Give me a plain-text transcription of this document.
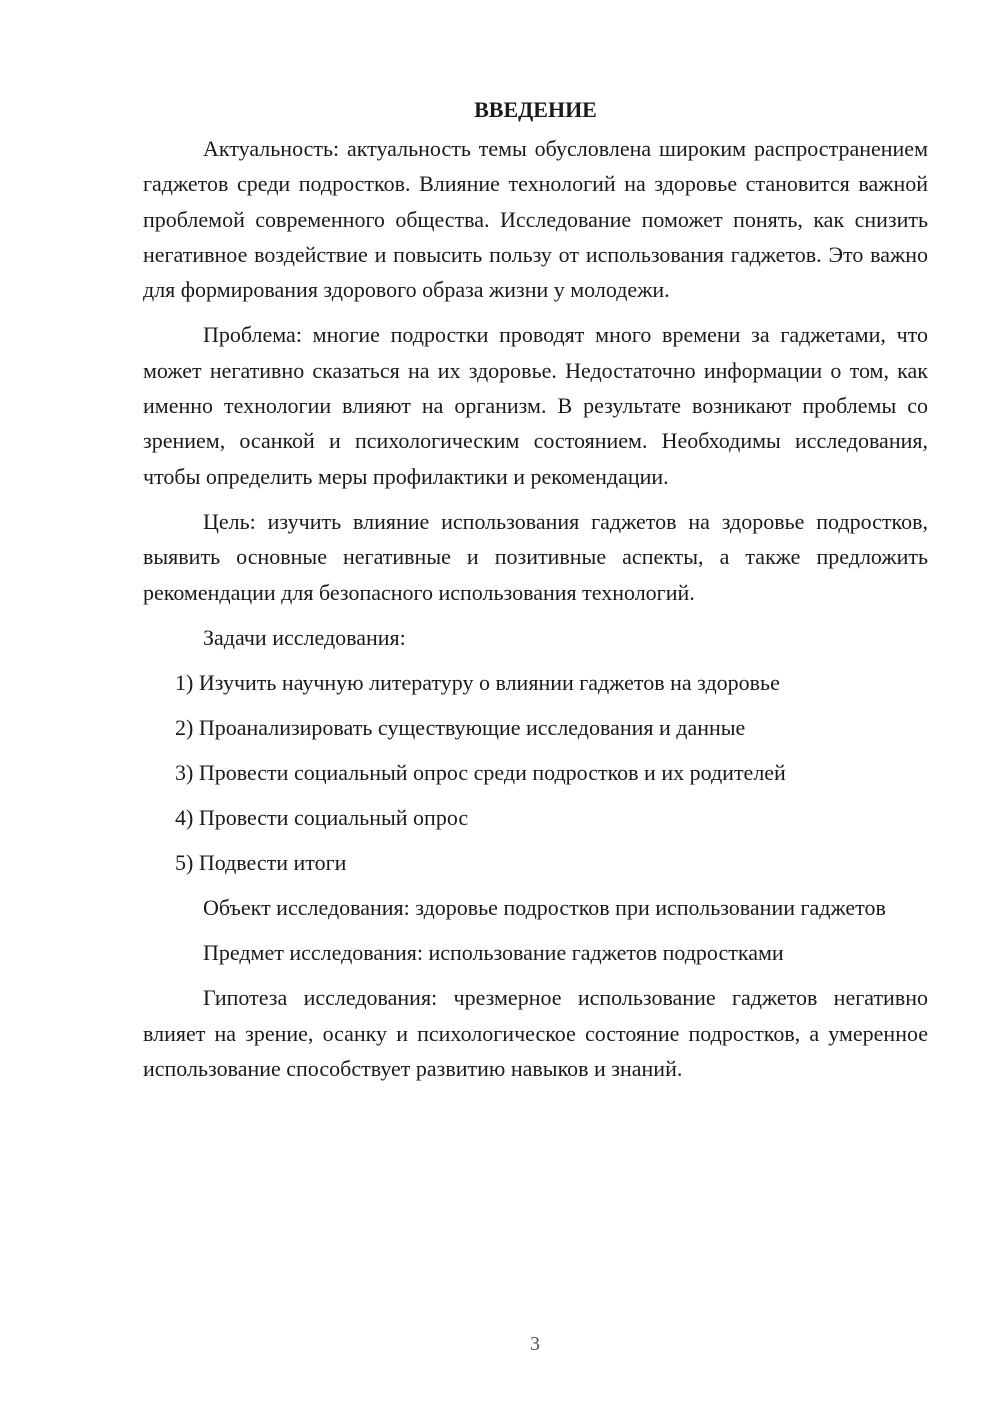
ВВЕДЕНИЕ

Актуальность: актуальность темы обусловлена широким распространением гаджетов среди подростков. Влияние технологий на здоровье становится важной проблемой современного общества. Исследование поможет понять, как снизить негативное воздействие и повысить пользу от использования гаджетов. Это важно для формирования здорового образа жизни у молодежи.

Проблема: многие подростки проводят много времени за гаджетами, что может негативно сказаться на их здоровье. Недостаточно информации о том, как именно технологии влияют на организм. В результате возникают проблемы со зрением, осанкой и психологическим состоянием. Необходимы исследования, чтобы определить меры профилактики и рекомендации.

Цель: изучить влияние использования гаджетов на здоровье подростков, выявить основные негативные и позитивные аспекты, а также предложить рекомендации для безопасного использования технологий.

Задачи исследования:
1) Изучить научную литературу о влиянии гаджетов на здоровье
2) Проанализировать существующие исследования и данные
3) Провести социальный опрос среди подростков и их родителей
4) Провести социальный опрос
5) Подвести итоги

Объект исследования: здоровье подростков при использовании гаджетов

Предмет исследования: использование гаджетов подростками

Гипотеза исследования: чрезмерное использование гаджетов негативно влияет на зрение, осанку и психологическое состояние подростков, а умеренное использование способствует развитию навыков и знаний.

3
